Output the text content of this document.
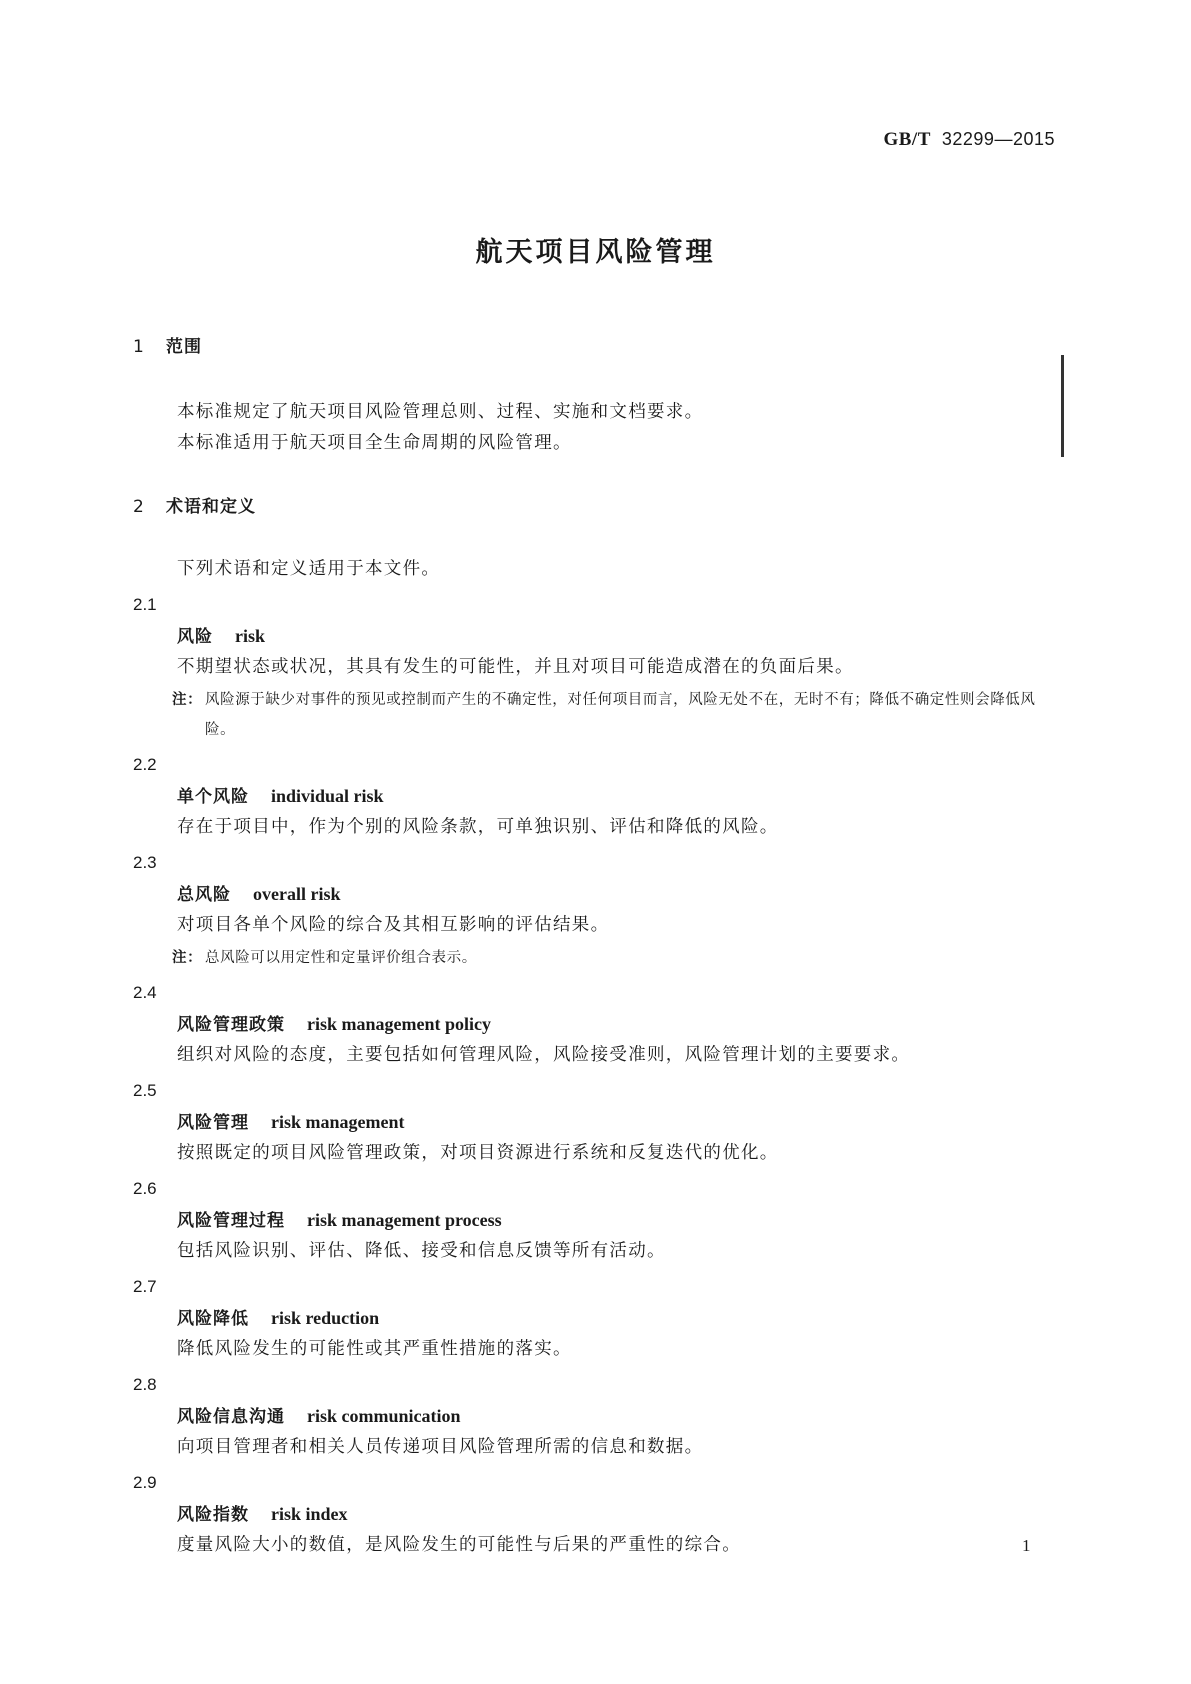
GB/T 32299—2015

航天项目风险管理
1 范围

本标准规定了航天项目风险管理总则、过程、实施和文档要求。

本标准适用于航天项目全生命周期的风险管理。

2 术语和定义

下列术语和定义适用于本文件。

2.1
风险 risk
不期望状态或状况，其具有发生的可能性，并且对项目可能造成潜在的负面后果。
注： 风险源于缺少对事件的预见或控制而产生的不确定性，对任何项目而言，风险无处不在，无时不有；降低不确定性则会降低风险。
2.2
单个风险 individual risk
存在于项目中，作为个别的风险条款，可单独识别、评估和降低的风险。
2.3
总风险 overall risk
对项目各单个风险的综合及其相互影响的评估结果。
注： 总风险可以用定性和定量评价组合表示。
2.4
风险管理政策 risk management policy
组织对风险的态度，主要包括如何管理风险，风险接受准则，风险管理计划的主要要求。
2.5
风险管理 risk management
按照既定的项目风险管理政策，对项目资源进行系统和反复迭代的优化。
2.6
风险管理过程 risk management process
包括风险识别、评估、降低、接受和信息反馈等所有活动。
2.7
风险降低 risk reduction
降低风险发生的可能性或其严重性措施的落实。
2.8
风险信息沟通 risk communication
向项目管理者和相关人员传递项目风险管理所需的信息和数据。
2.9
风险指数 risk index
度量风险大小的数值，是风险发生的可能性与后果的严重性的综合。	1
